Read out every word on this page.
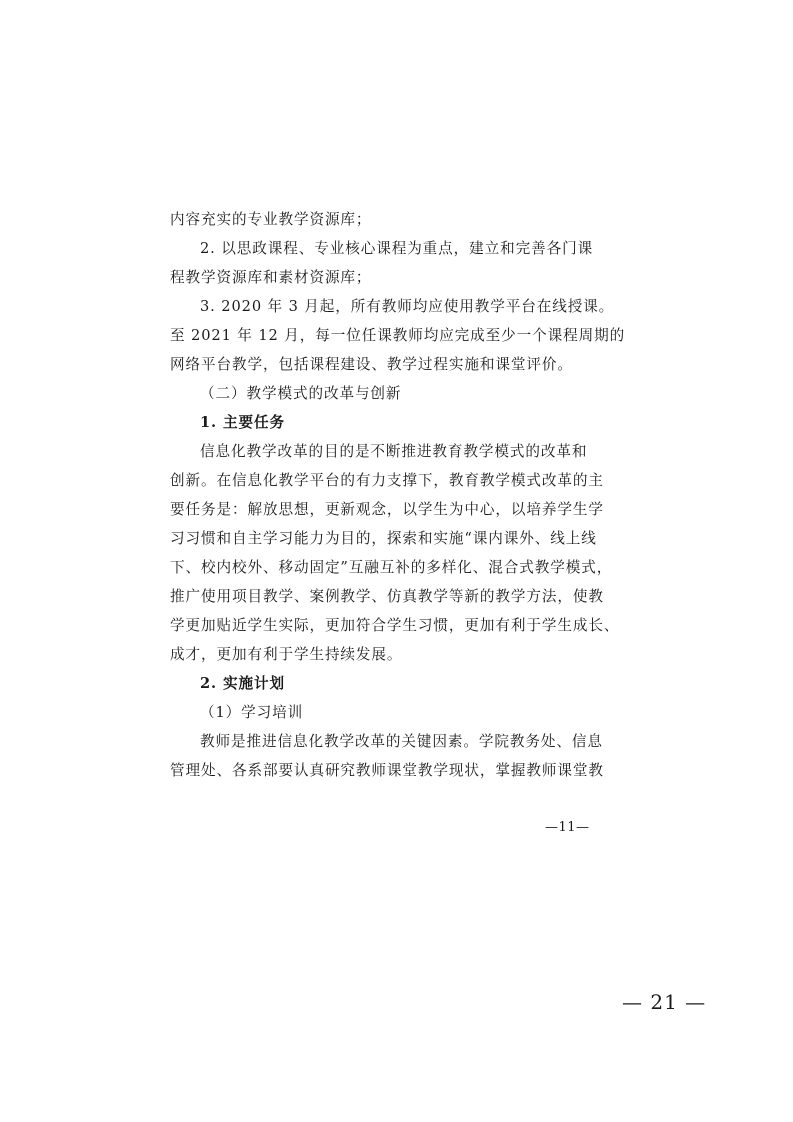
内容充实的专业教学资源库；
2. 以思政课程、专业核心课程为重点，建立和完善各门课
程教学资源库和素材资源库；
3. 2020 年 3 月起，所有教师均应使用教学平台在线授课。
至 2021 年 12 月，每一位任课教师均应完成至少一个课程周期的
网络平台教学，包括课程建设、教学过程实施和课堂评价。
（二）教学模式的改革与创新
1. 主要任务
信息化教学改革的目的是不断推进教育教学模式的改革和
创新。在信息化教学平台的有力支撑下，教育教学模式改革的主
要任务是：解放思想，更新观念，以学生为中心，以培养学生学
习习惯和自主学习能力为目的，探索和实施“课内课外、线上线
下、校内校外、移动固定”互融互补的多样化、混合式教学模式，
推广使用项目教学、案例教学、仿真教学等新的教学方法，使教
学更加贴近学生实际，更加符合学生习惯，更加有利于学生成长、
成才，更加有利于学生持续发展。
2. 实施计划
（1）学习培训
教师是推进信息化教学改革的关键因素。学院教务处、信息
管理处、各系部要认真研究教师课堂教学现状，掌握教师课堂教
—11—
— 21 —
